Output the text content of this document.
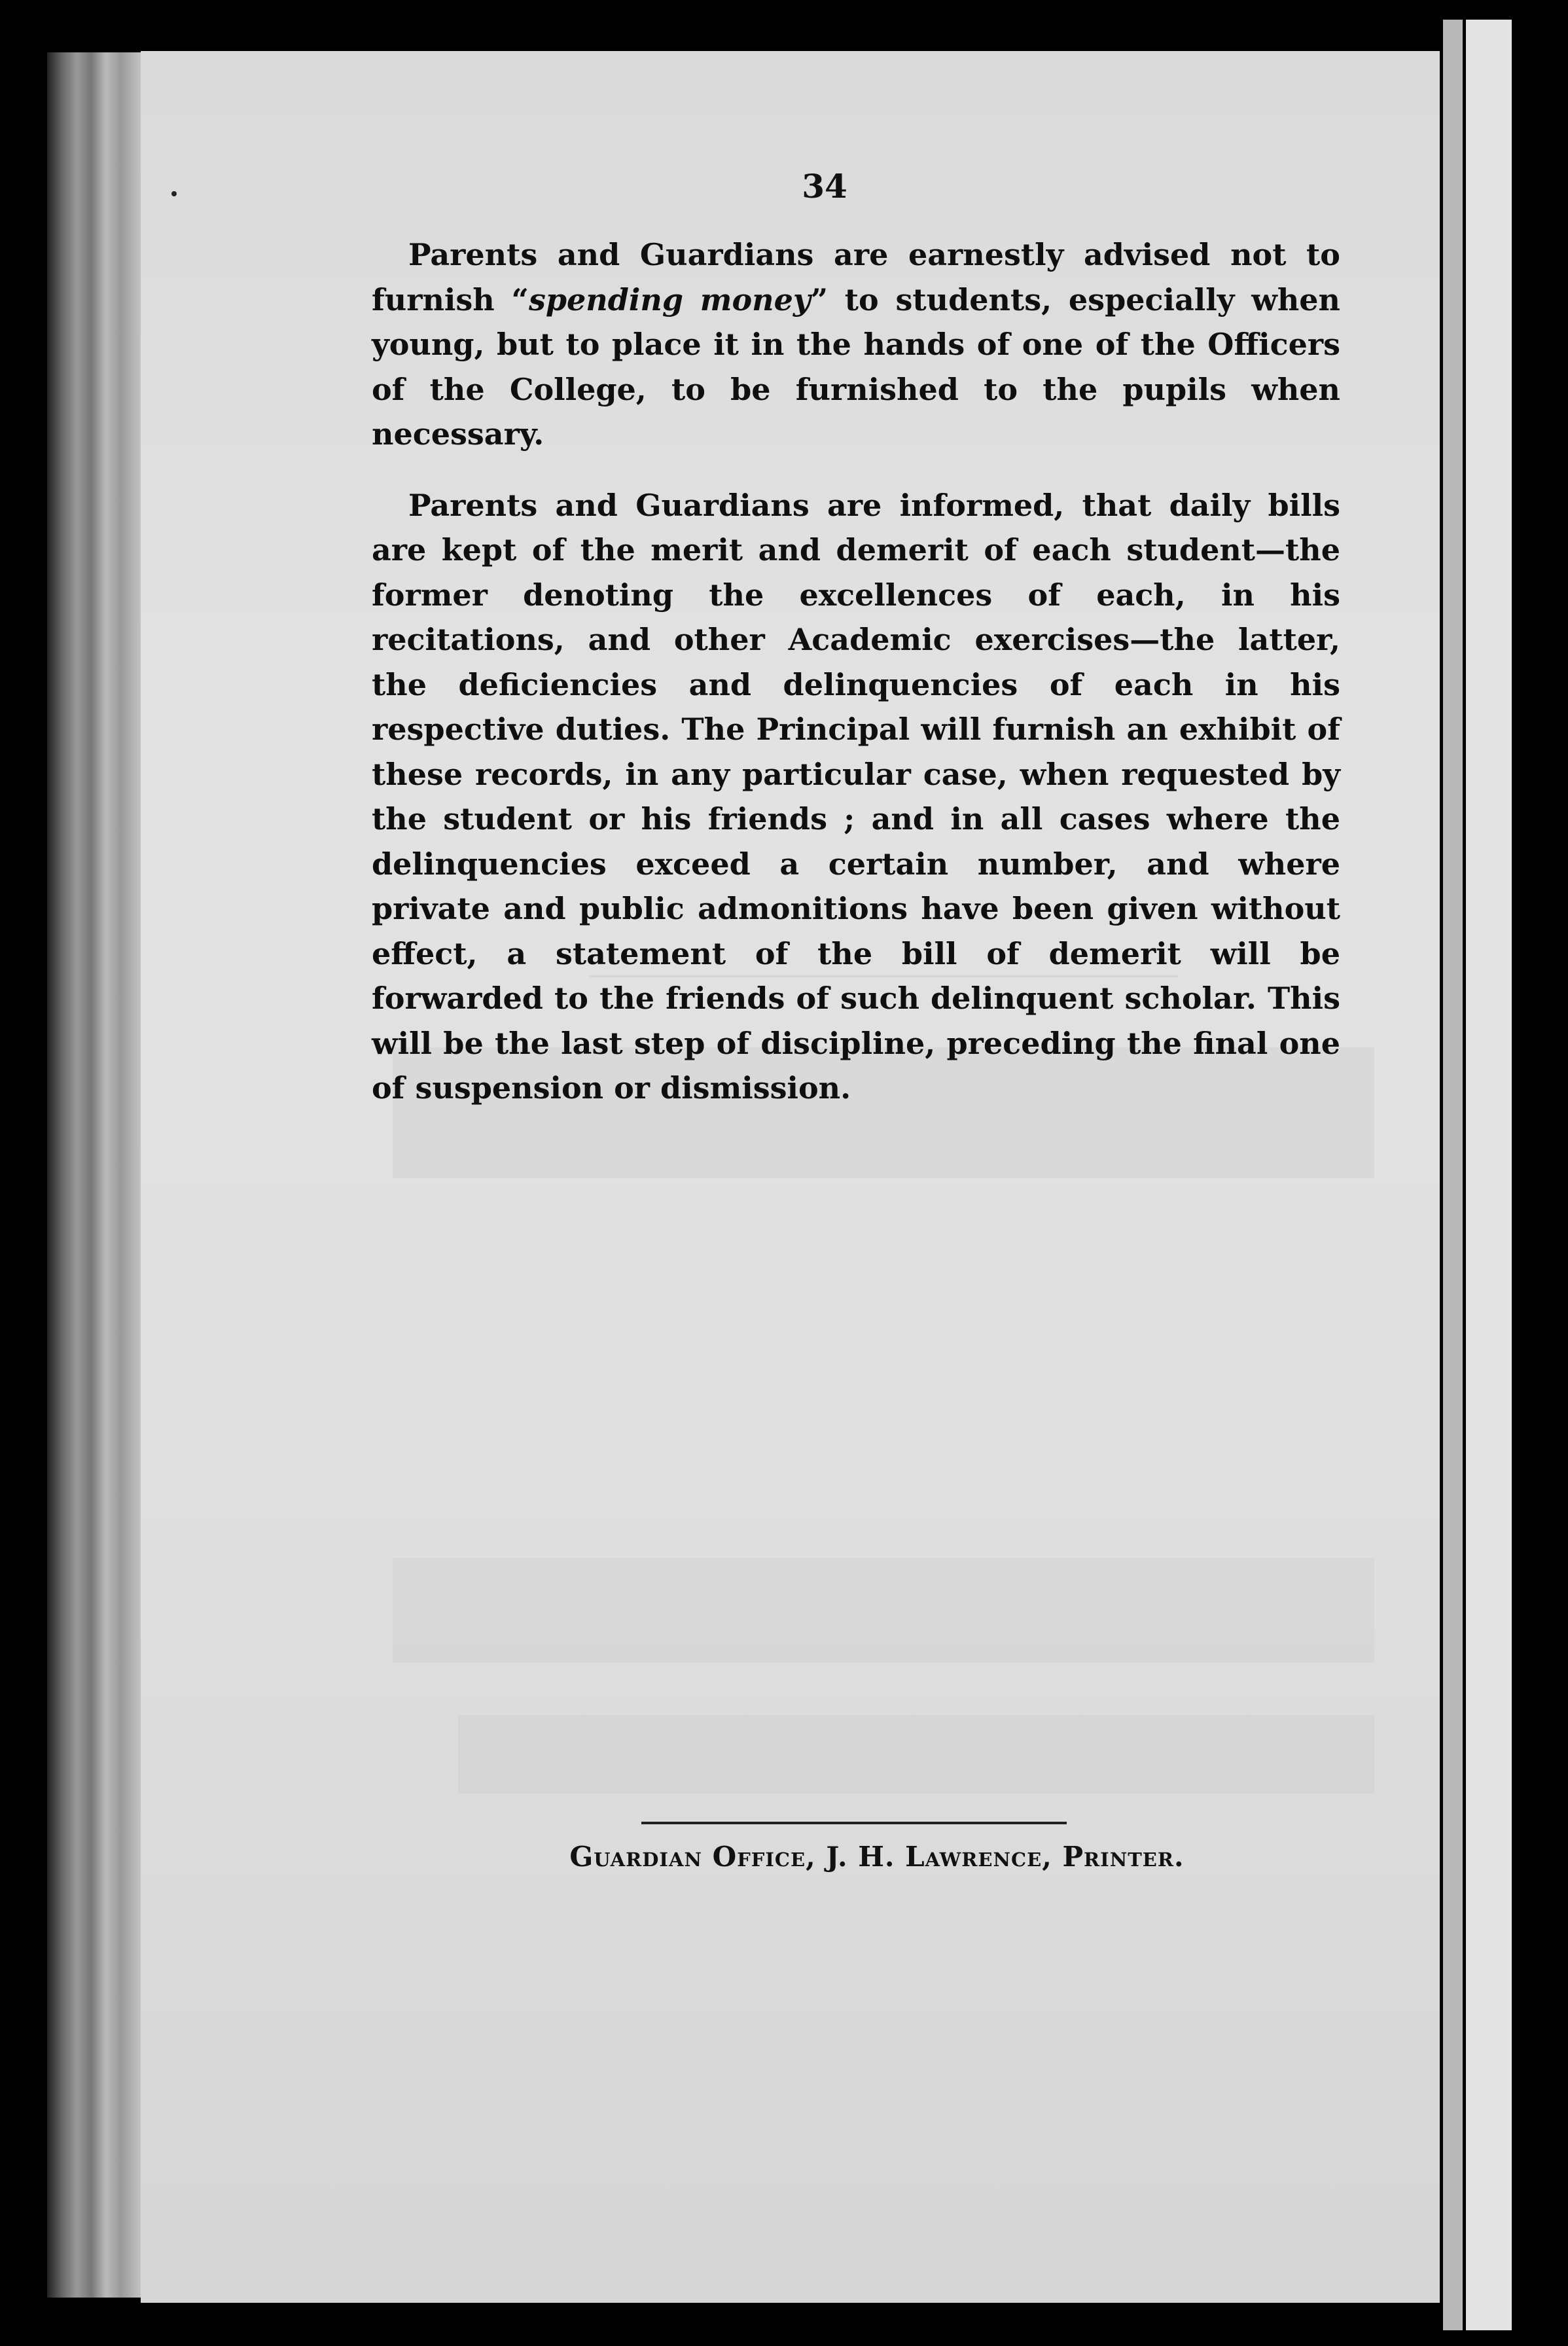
34

Parents and Guardians are earnestly advised not to furnish “spending money” to students, especially when young, but to place it in the hands of one of the Officers of the College, to be furnished to the pupils when necessary.

Parents and Guardians are informed, that daily bills are kept of the merit and demerit of each student—the former denoting the excellences of each, in his recitations, and other Academic exercises—the latter, the deficiencies and delinquencies of each in his respective duties. The Principal will furnish an exhibit of these records, in any particular case, when requested by the student or his friends ; and in all cases where the delinquencies exceed a certain number, and where private and public admonitions have been given without effect, a statement of the bill of demerit will be forwarded to the friends of such delinquent scholar. This will be the last step of discipline, preceding the final one of suspension or dismission.

Guardian Office, J. H. Lawrence, Printer.
